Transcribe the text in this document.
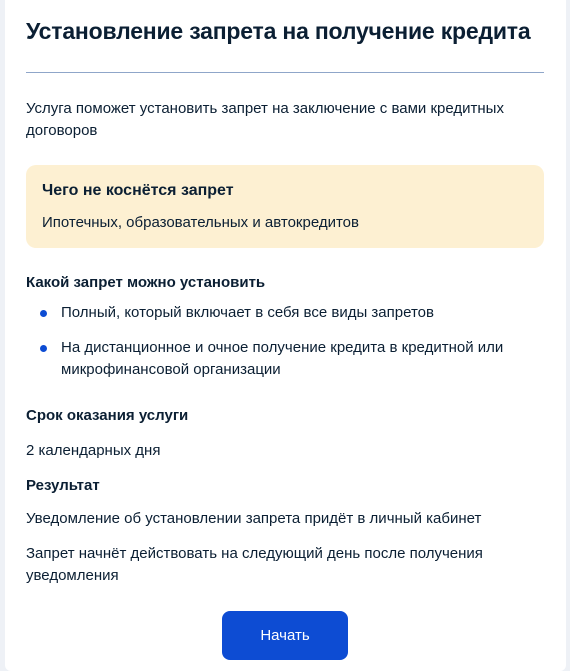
Установление запрета на получение кредита

Услуга поможет установить запрет на заключение с вами кредитных договоров

Чего не коснётся запрет
Ипотечных, образовательных и автокредитов
Какой запрет можно установить
Полный, который включает в себя все виды запретов
На дистанционное и очное получение кредита в кредитной или микрофинансовой организации
Срок оказания услуги
2 календарных дня
Результат
Уведомление об установлении запрета придёт в личный кабинет
Запрет начнёт действовать на следующий день после получения уведомления
Начать
